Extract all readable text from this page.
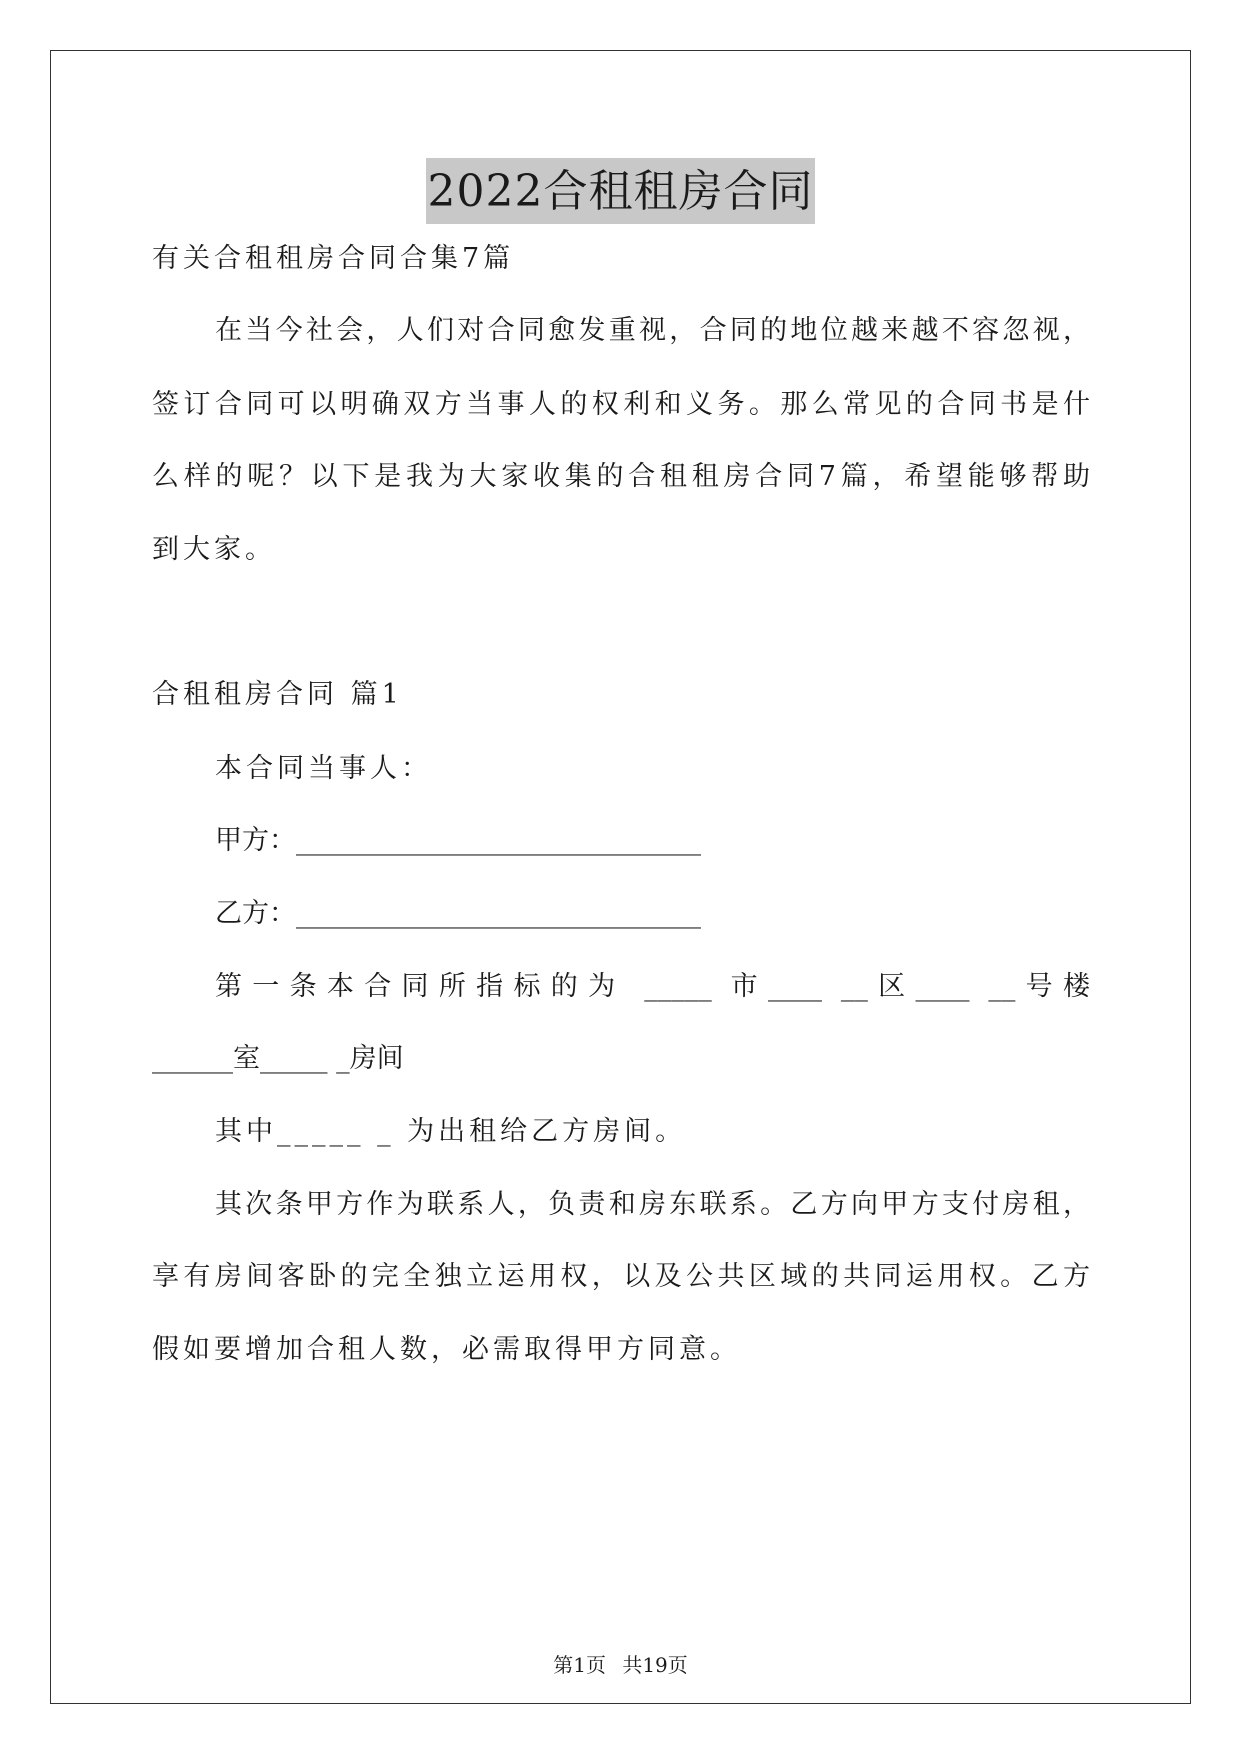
2022合租租房合同
有关合租租房合同合集7篇
在当今社会，人们对合同愈发重视，合同的地位越来越不容忽视，
签订合同可以明确双方当事人的权利和义务。那么常见的合同书是什
么样的呢？以下是我为大家收集的合租租房合同7篇，希望能够帮助
到大家。
合租租房合同 篇1
本合同当事人：
甲方：______________________________
乙方：______________________________
第一条本合同所指标的为 _____ 市____ __区____ __号楼
______室_____ _房间
其中_____ _ 为出租给乙方房间。
其次条甲方作为联系人，负责和房东联系。乙方向甲方支付房租，
享有房间客卧的完全独立运用权，以及公共区域的共同运用权。乙方
假如要增加合租人数，必需取得甲方同意。
第1页 共19页
